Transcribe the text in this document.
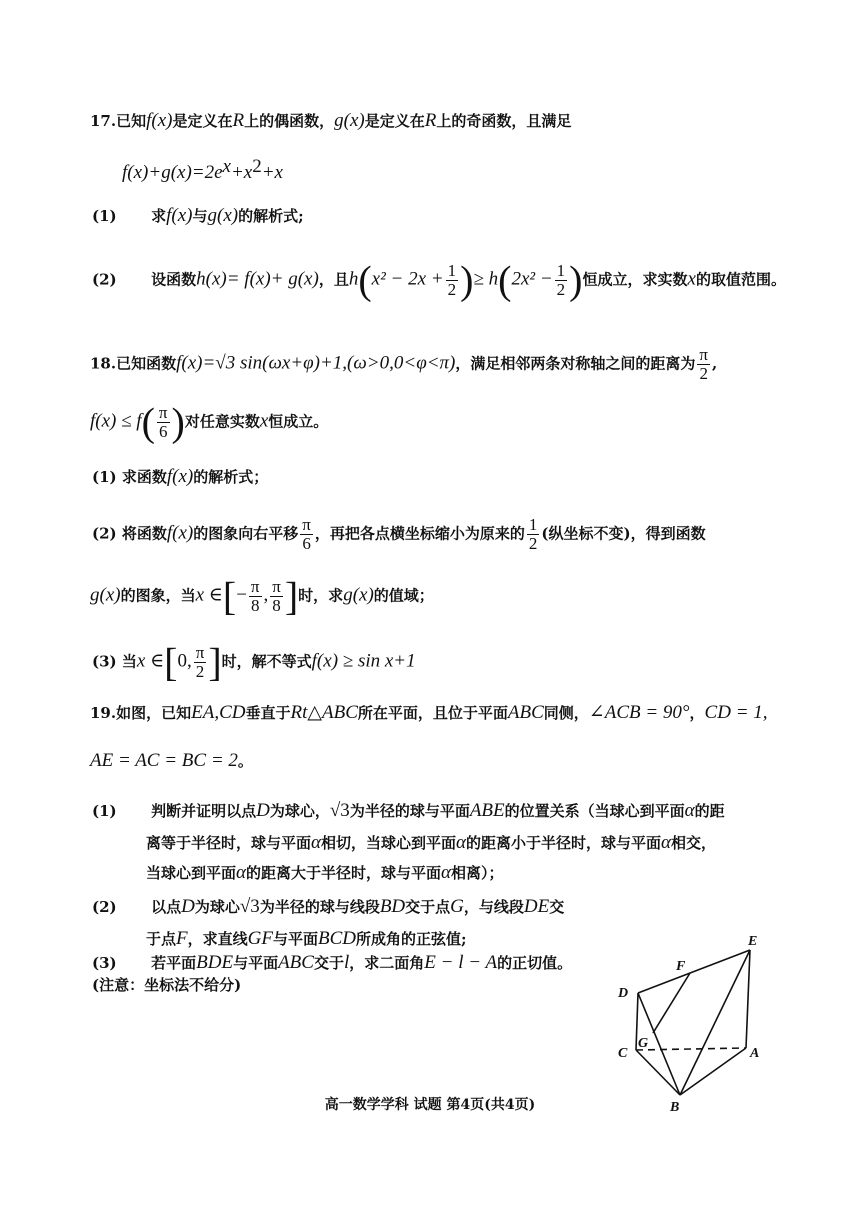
17.已知f(x)是定义在R上的偶函数，g(x)是定义在R上的奇函数，且满足
$f(x)+g(x)=2e^x+x^2+x$
(1) 求f(x)与g(x)的解析式;
(2) 设函数h(x)= f(x)+ g(x)，且$h(x^2 - 2x + \frac{1}{2}$ )≥ $h(2x^2 - \frac{1}{2}$ )恒成立，求实数x的取值范围。
18.已知函数f(x)=√3 sin(ωx+φ)+1,(ω>0,0<φ<π)，满足相邻两条对称轴之间的距离为 $\frac{\pi}{2}$ ,
$f(x) \le f( \frac{\pi}{6}$ )对任意实数x恒成立。
(1) 求函数f(x)的解析式；
(2) 将函数f(x)的图象向右平移 $\frac{\pi}{6}$ ，再把各点横坐标缩小为原来的 $\frac{1}{2}$ (纵坐标不变)，得到函数
g(x)的图象，当x ∈[− $\frac{\pi}{8}$ , $\frac{\pi}{8}$ ]时，求g(x)的值域；
(3) 当x ∈[0, $\frac{\pi}{2}$ ]时，解不等式f(x) ≥ sin x+1
19.如图，已知EA,CD垂直于Rt△ABC所在平面，且位于平面ABC同侧，∠ACB = 90°，CD = 1,
AE = AC = BC = 2。
(1) 判断并证明以点D为球心，√3为半径的球与平面ABE的位置关系（当球心到平面α的距
离等于半径时，球与平面α相切，当球心到平面α的距离小于半径时，球与平面α相交，
当球心到平面α的距离大于半径时，球与平面α相离）；
(2) 以点D为球心√3为半径的球与线段BD交于点G，与线段DE交
于点F，求直线GF与平面BCD所成角的正弦值;
(3) 若平面BDE与平面ABC交于l，求二面角E − l − A的正切值。
(注意：坐标法不给分)
E
F
D
G
C	A
B
高一数学学科 试题 第4页(共4页)
